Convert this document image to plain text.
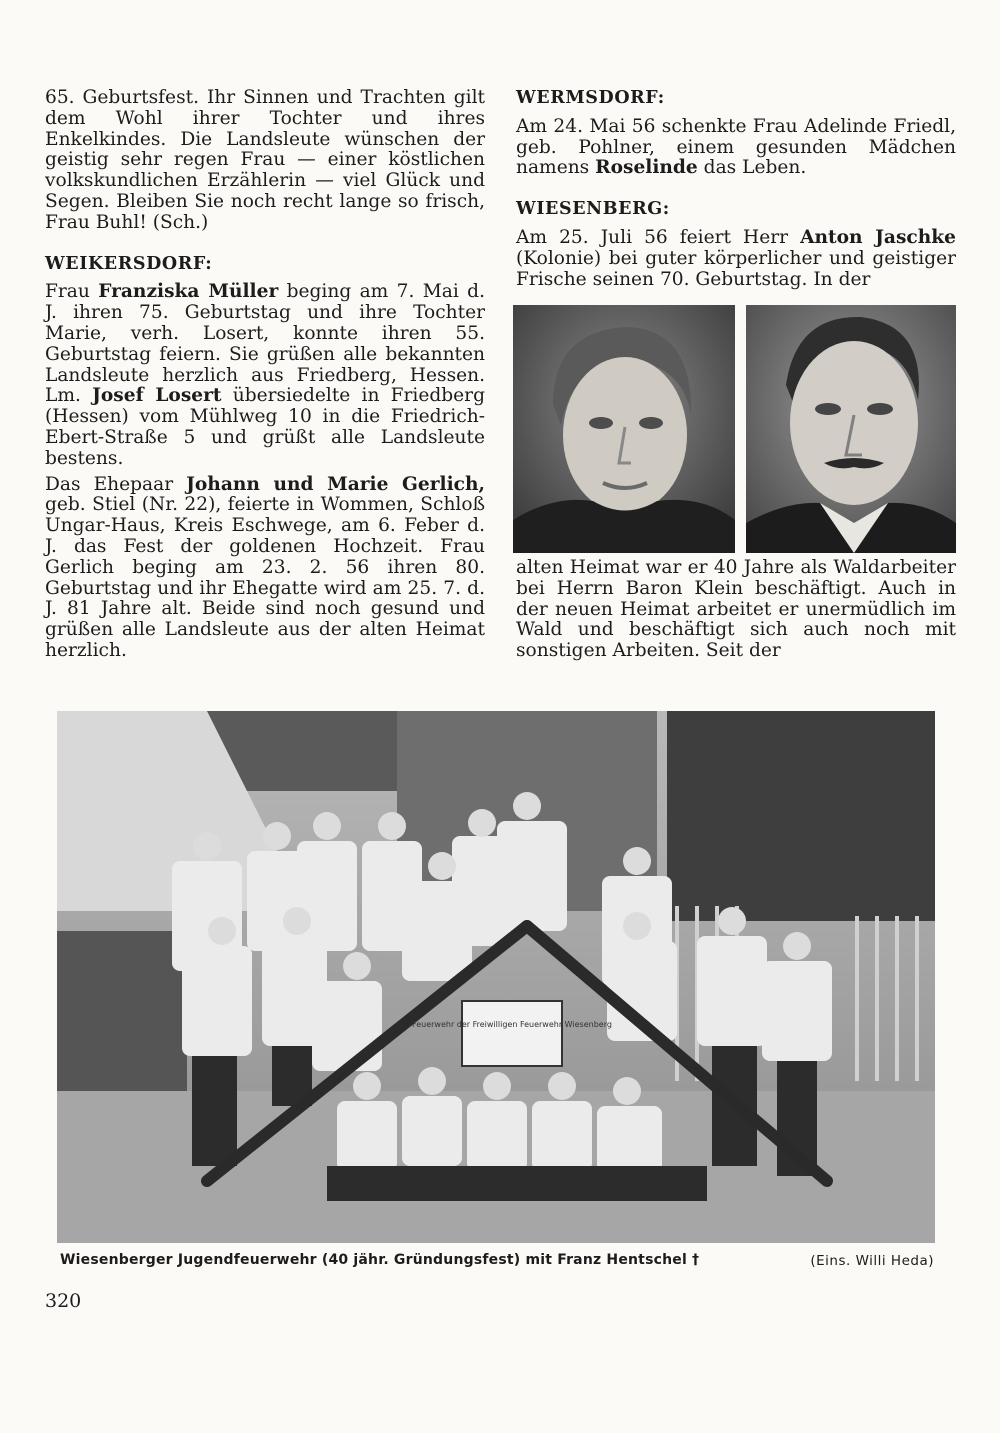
65. Geburtsfest. Ihr Sinnen und Trachten gilt dem Wohl ihrer Tochter und ihres Enkelkindes. Die Landsleute wünschen der geistig sehr regen Frau — einer köstlichen volkskundlichen Erzählerin — viel Glück und Segen. Bleiben Sie noch recht lange so frisch, Frau Buhl! (Sch.)

WEIKERSDORF:

Frau Franziska Müller beging am 7. Mai d. J. ihren 75. Geburtstag und ihre Tochter Marie, verh. Losert, konnte ihren 55. Geburtstag feiern. Sie grüßen alle bekannten Landsleute herzlich aus Friedberg, Hessen. Lm. Josef Losert übersiedelte in Friedberg (Hessen) vom Mühlweg 10 in die Friedrich-Ebert-Straße 5 und grüßt alle Landsleute bestens.

Das Ehepaar Johann und Marie Gerlich, geb. Stiel (Nr. 22), feierte in Wommen, Schloß Ungar-Haus, Kreis Eschwege, am 6. Feber d. J. das Fest der goldenen Hochzeit. Frau Gerlich beging am 23. 2. 56 ihren 80. Geburtstag und ihr Ehegatte wird am 25. 7. d. J. 81 Jahre alt. Beide sind noch gesund und grüßen alle Landsleute aus der alten Heimat herzlich.

WERMSDORF:

Am 24. Mai 56 schenkte Frau Adelinde Friedl, geb. Pohlner, einem gesunden Mädchen namens Roselinde das Leben.

WIESENBERG:

Am 25. Juli 56 feiert Herr Anton Jaschke (Kolonie) bei guter körperlicher und geistiger Frische seinen 70. Geburtstag. In der

alten Heimat war er 40 Jahre als Waldarbeiter bei Herrn Baron Klein beschäftigt. Auch in der neuen Heimat arbeitet er unermüdlich im Wald und beschäftigt sich auch noch mit sonstigen Arbeiten. Seit der

Feuerwehr der Freiwilligen Feuerwehr Wiesenberg
Wiesenberger Jugendfeuerwehr (40 jähr. Gründungsfest) mit Franz Hentschel †	(Eins. Willi Heda)
320
